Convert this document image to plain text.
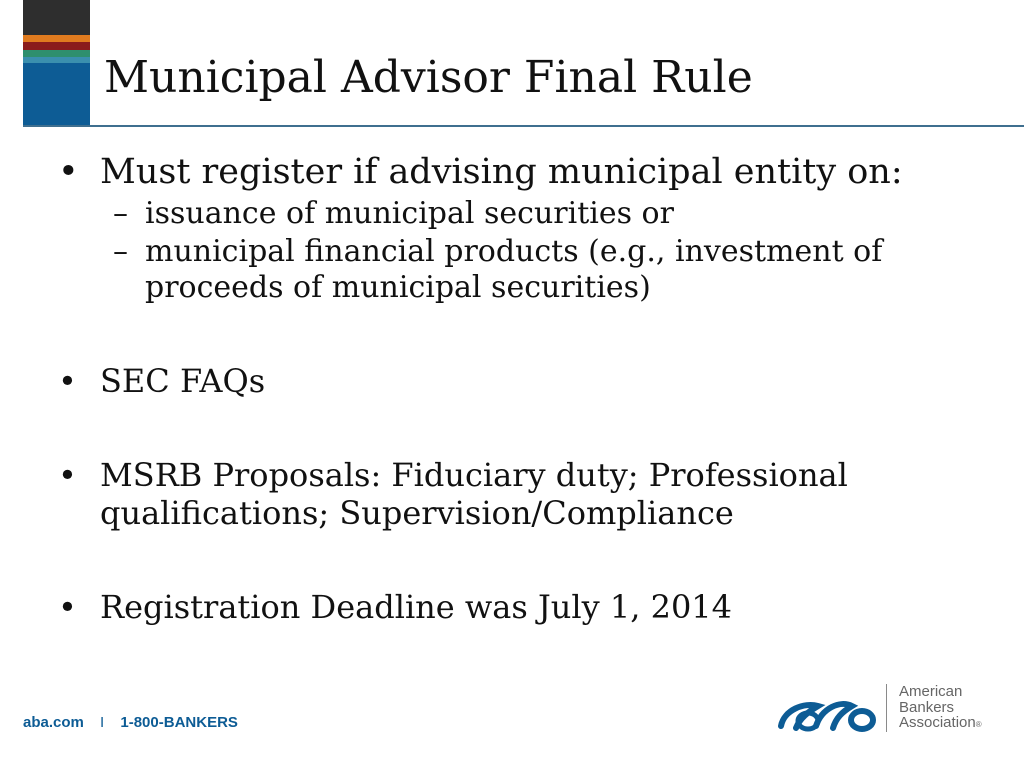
Municipal Advisor Final Rule
• Must register if advising municipal entity on:
– issuance of municipal securities or
– municipal financial products (e.g., investment of proceeds of municipal securities)
• SEC FAQs
• MSRB Proposals: Fiduciary duty; Professional qualifications; Supervision/Compliance
• Registration Deadline was July 1, 2014
aba.com I 1-800-BANKERS
American
Bankers
Association®
